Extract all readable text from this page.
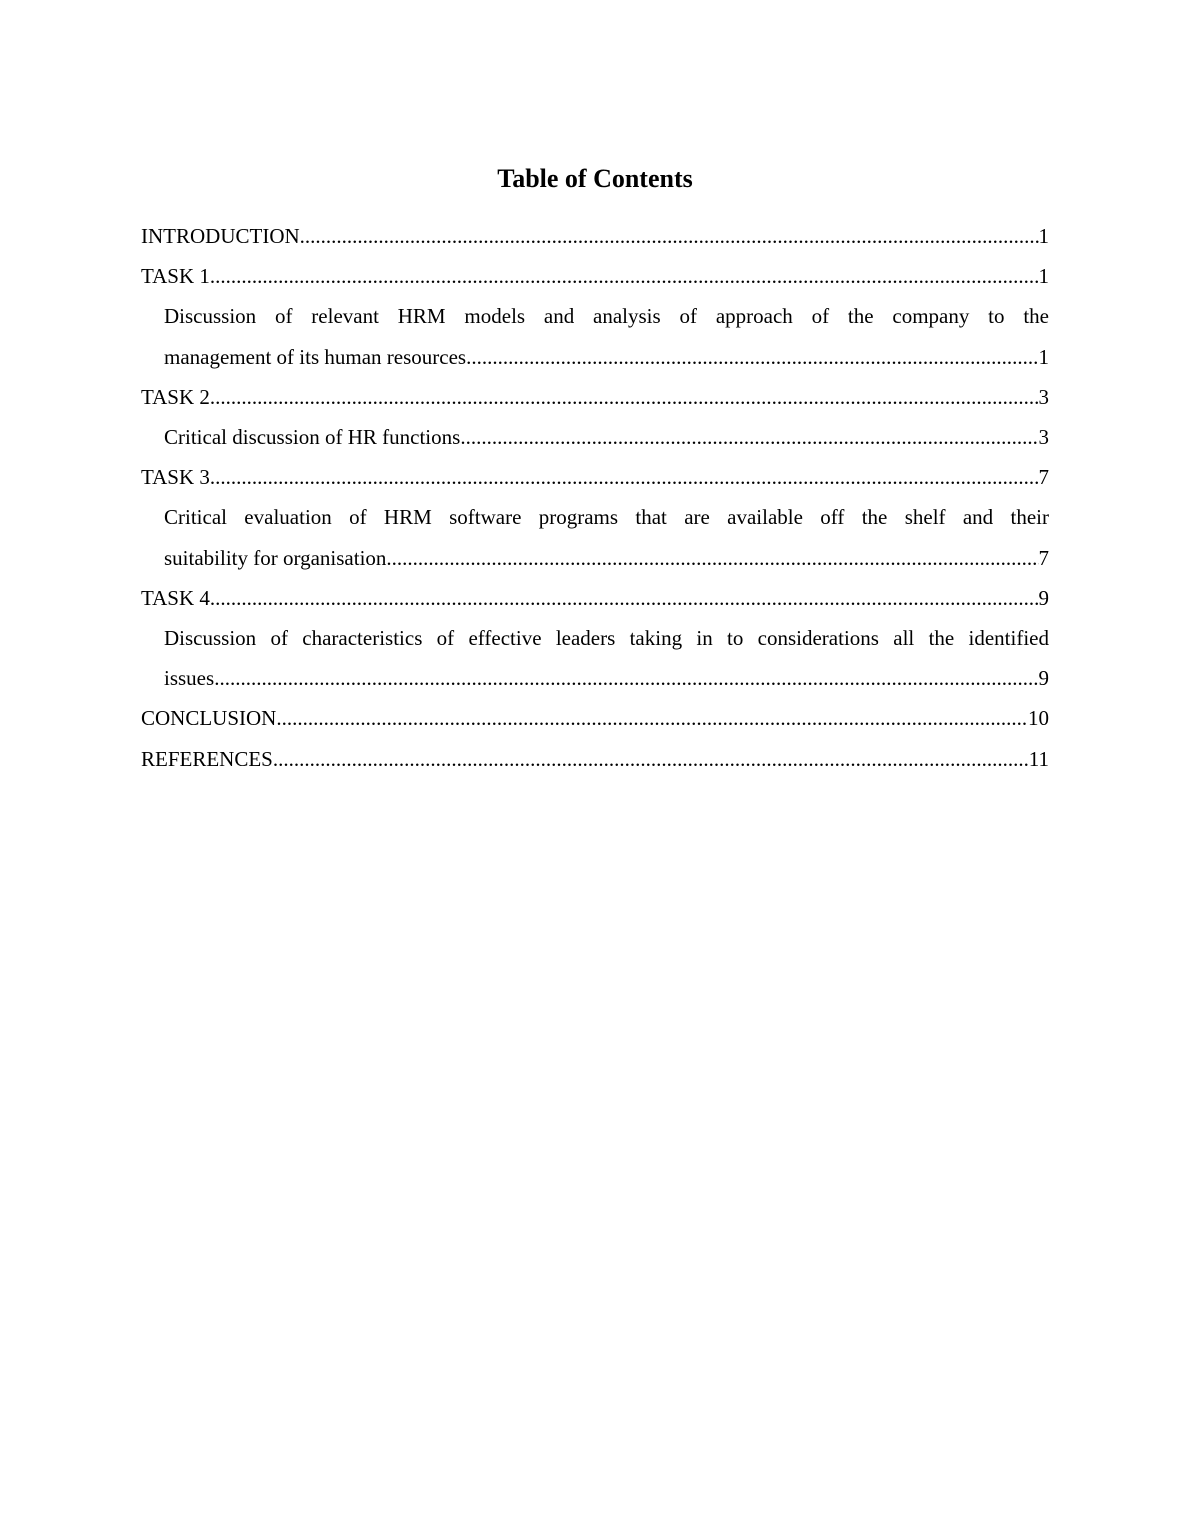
Table of Contents
INTRODUCTION .....	1
TASK 1 .....	1
Discussion of relevant HRM models and analysis of approach of the company to the
management of its human resources .....	1
TASK 2 .....	3
Critical discussion of HR functions .....	3
TASK 3 .....	7
Critical evaluation of HRM software programs that are available off the shelf and their
suitability for organisation .....	7
TASK 4 .....	9
Discussion of characteristics of effective leaders taking in to considerations all the identified
issues .....	9
CONCLUSION .....	10
REFERENCES .....	11
